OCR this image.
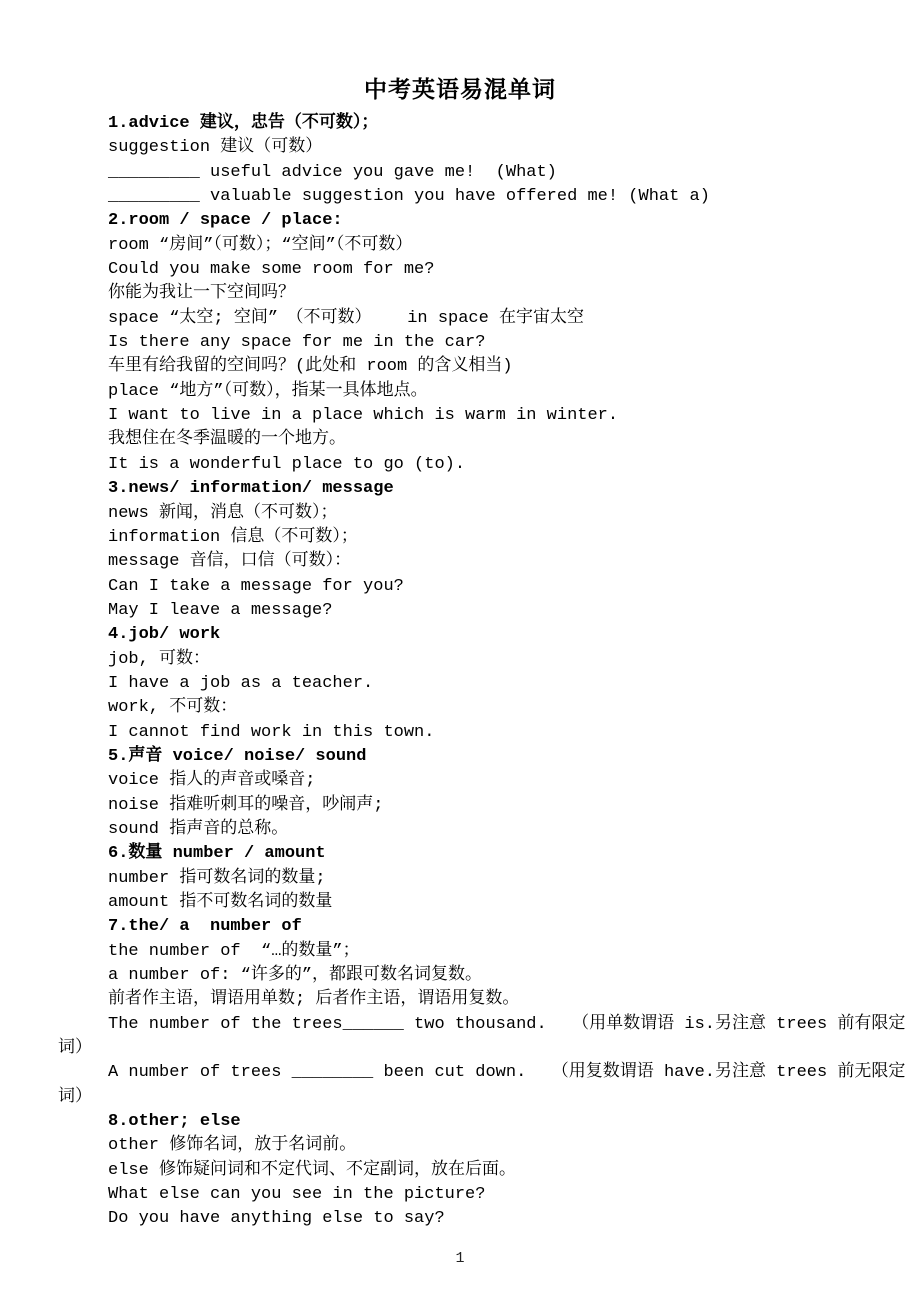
中考英语易混单词
1.advice 建议，忠告（不可数）；
suggestion 建议（可数）
_________ useful advice you gave me!  (What)
_________ valuable suggestion you have offered me! (What a)
2.room / space / place:
room “房间”（可数）；“空间”（不可数）
Could you make some room for me?
你能为我让一下空间吗？
space “太空; 空间”　（不可数）　　 in space 在宇宙太空
Is there any space for me in the car?
车里有给我留的空间吗？(此处和 room 的含义相当)
place “地方”（可数），指某一具体地点。
I want to live in a place which is warm in winter.
我想住在冬季温暖的一个地方。
It is a wonderful place to go (to).
3.news/ information/ message
news 新闻，消息（不可数）；
information 信息（不可数）；
message 音信，口信（可数）：
Can I take a message for you?
May I leave a message?
4.job/ work
job, 可数：
I have a job as a teacher.
work, 不可数：
I cannot find work in this town.
5.声音 voice/ noise/ sound
voice 指人的声音或嗓音;
noise 指难听刺耳的噪音，吵闹声;
sound 指声音的总称。
6.数量 number / amount
number 指可数名词的数量;
amount 指不可数名词的数量
7.the/ a  number of
the number of  “…的数量”；
a number of: “许多的”，都跟可数名词复数。
前者作主语，谓语用单数; 后者作主语，谓语用复数。
The number of the trees______ two thousand.　　（用单数谓语 is.另注意 trees 前有限定
词）
A number of trees ________ been cut down.　　（用复数谓语 have.另注意 trees 前无限定
词）
8.other; else
other 修饰名词，放于名词前。
else 修饰疑问词和不定代词、不定副词，放在后面。
What else can you see in the picture?
Do you have anything else to say?
1
